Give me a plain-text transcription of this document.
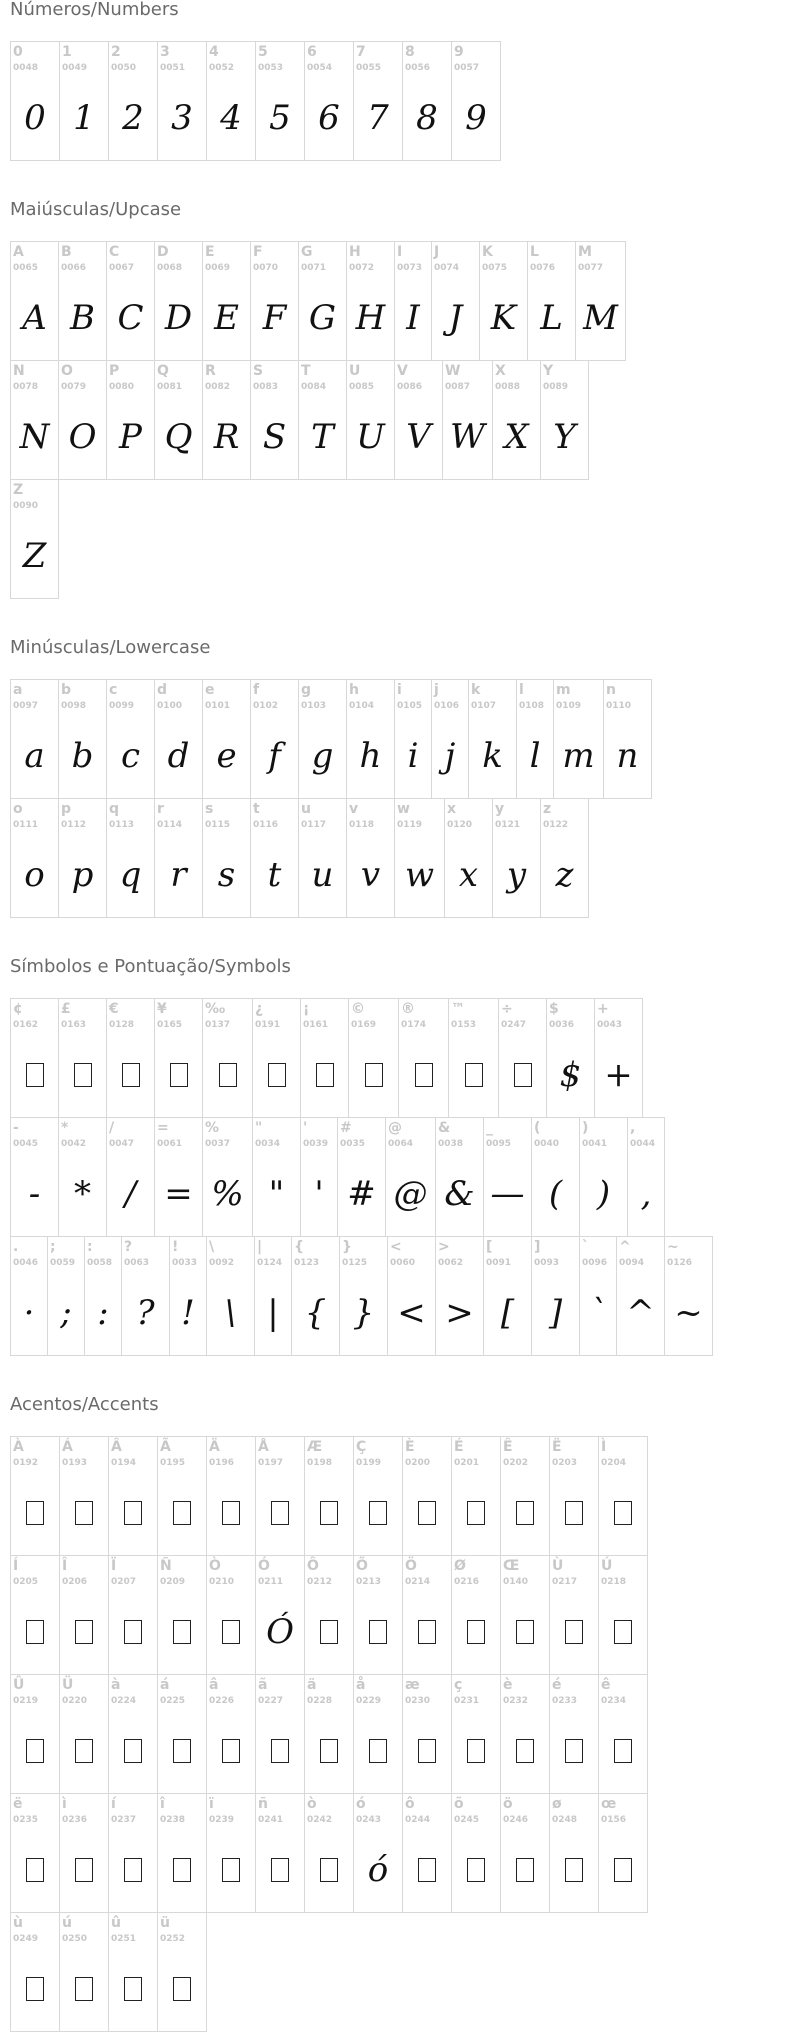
Números/Numbers
Maiúsculas/Upcase
Minúsculas/Lowercase
Símbolos e Pontuação/Symbols
Acentos/Accents
0
0048
0
1
0049
1
2
0050
2
3
0051
3
4
0052
4
5
0053
5
6
0054
6
7
0055
7
8
0056
8
9
0057
9
A
0065
A
B
0066
B
C
0067
C
D
0068
D
E
0069
E
F
0070
F
G
0071
G
H
0072
H
I
0073
I
J
0074
J
K
0075
K
L
0076
L
M
0077
M
N
0078
N
O
0079
O
P
0080
P
Q
0081
Q
R
0082
R
S
0083
S
T
0084
T
U
0085
U
V
0086
V
W
0087
W
X
0088
X
Y
0089
Y
Z
0090
Z
a
0097
a
b
0098
b
c
0099
c
d
0100
d
e
0101
e
f
0102
f
g
0103
g
h
0104
h
i
0105
i
j
0106
j
k
0107
k
l
0108
l
m
0109
m
n
0110
n
o
0111
o
p
0112
p
q
0113
q
r
0114
r
s
0115
s
t
0116
t
u
0117
u
v
0118
v
w
0119
w
x
0120
x
y
0121
y
z
0122
z
¢
0162
£
0163
€
0128
¥
0165
‰
0137
¿
0191
¡
0161
©
0169
®
0174
™
0153
÷
0247
$
0036
$
+
0043
+
-
0045
-
*
0042
*
/
0047
/
=
0061
=
%
0037
%
"
0034
"
'
0039
'
#
0035
#
@
0064
@
&
0038
&
_
0095
—
(
0040
(
)
0041
)
,
0044
,
.
0046
·
;
0059
;
:
0058
:
?
0063
?
!
0033
!
\
0092
\
|
0124
|
{
0123
{
}
0125
}
<
0060
<
>
0062
>
[
0091
[
]
0093
]
`
0096
`
^
0094
^
~
0126
~
À
0192
Á
0193
Â
0194
Ã
0195
Ä
0196
Å
0197
Æ
0198
Ç
0199
È
0200
É
0201
Ê
0202
Ë
0203
Ì
0204
Í
0205
Î
0206
Ï
0207
Ñ
0209
Ò
0210
Ó
0211
Ó
Ô
0212
Õ
0213
Ö
0214
Ø
0216
Œ
0140
Ù
0217
Ú
0218
Û
0219
Ü
0220
à
0224
á
0225
â
0226
ã
0227
ä
0228
å
0229
æ
0230
ç
0231
è
0232
é
0233
ê
0234
ë
0235
ì
0236
í
0237
î
0238
ï
0239
ñ
0241
ò
0242
ó
0243
ó
ô
0244
õ
0245
ö
0246
ø
0248
œ
0156
ù
0249
ú
0250
û
0251
ü
0252
